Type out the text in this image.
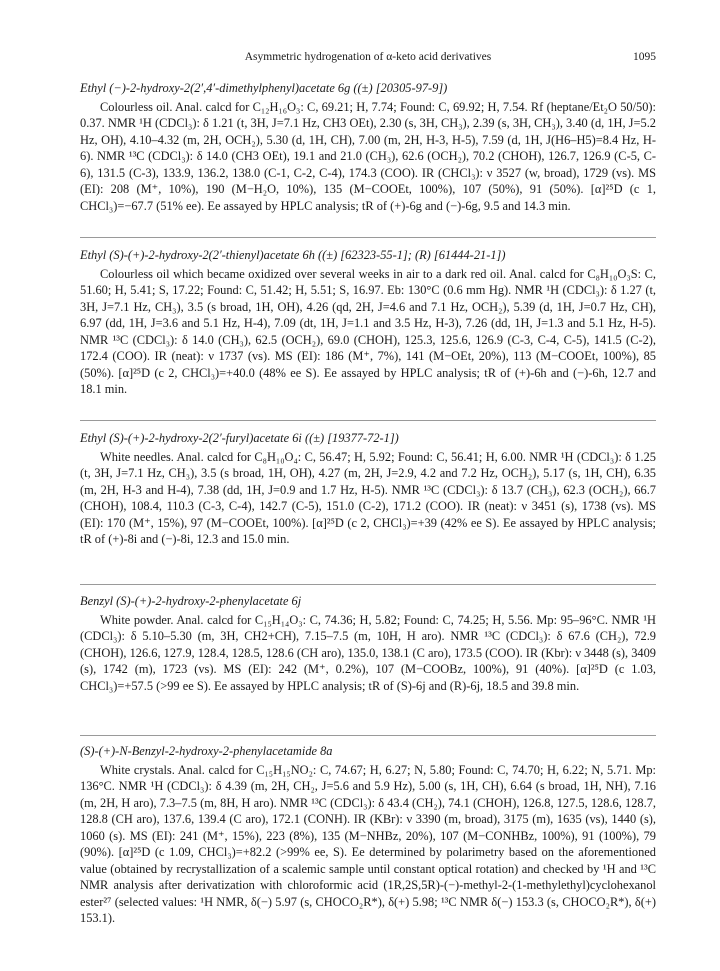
Asymmetric hydrogenation of α-keto acid derivatives	1095

Ethyl (−)-2-hydroxy-2(2′,4′-dimethylphenyl)acetate 6g ((±) [20305-97-9])

Colourless oil. Anal. calcd for C₁₂H₁₆O₃: C, 69.21; H, 7.74; Found: C, 69.92; H, 7.54. Rf (heptane/Et₂O 50/50): 0.37. NMR ¹H (CDCl₃): δ 1.21 (t, 3H, J=7.1 Hz, CH3 OEt), 2.30 (s, 3H, CH₃), 2.39 (s, 3H, CH₃), 3.40 (d, 1H, J=5.2 Hz, OH), 4.10–4.32 (m, 2H, OCH₂), 5.30 (d, 1H, CH), 7.00 (m, 2H, H-3, H-5), 7.59 (d, 1H, J(H6–H5)=8.4 Hz, H-6). NMR ¹³C (CDCl₃): δ 14.0 (CH3 OEt), 19.1 and 21.0 (CH₃), 62.6 (OCH₂), 70.2 (CHOH), 126.7, 126.9 (C-5, C-6), 131.5 (C-3), 133.9, 136.2, 138.0 (C-1, C-2, C-4), 174.3 (COO). IR (CHCl₃): ν 3527 (w, broad), 1729 (vs). MS (EI): 208 (M⁺, 10%), 190 (M−H₂O, 10%), 135 (M−COOEt, 100%), 107 (50%), 91 (50%). [α]²⁵D (c 1, CHCl₃)=−67.7 (51% ee). Ee assayed by HPLC analysis; tR of (+)-6g and (−)-6g, 9.5 and 14.3 min.

Ethyl (S)-(+)-2-hydroxy-2(2′-thienyl)acetate 6h ((±) [62323-55-1]; (R) [61444-21-1])

Colourless oil which became oxidized over several weeks in air to a dark red oil. Anal. calcd for C₈H₁₀O₃S: C, 51.60; H, 5.41; S, 17.22; Found: C, 51.42; H, 5.51; S, 16.97. Eb: 130°C (0.6 mm Hg). NMR ¹H (CDCl₃): δ 1.27 (t, 3H, J=7.1 Hz, CH₃), 3.5 (s broad, 1H, OH), 4.26 (qd, 2H, J=4.6 and 7.1 Hz, OCH₂), 5.39 (d, 1H, J=0.7 Hz, CH), 6.97 (dd, 1H, J=3.6 and 5.1 Hz, H-4), 7.09 (dt, 1H, J=1.1 and 3.5 Hz, H-3), 7.26 (dd, 1H, J=1.3 and 5.1 Hz, H-5). NMR ¹³C (CDCl₃): δ 14.0 (CH₃), 62.5 (OCH₂), 69.0 (CHOH), 125.3, 125.6, 126.9 (C-3, C-4, C-5), 141.5 (C-2), 172.4 (COO). IR (neat): ν 1737 (vs). MS (EI): 186 (M⁺, 7%), 141 (M−OEt, 20%), 113 (M−COOEt, 100%), 85 (50%). [α]²⁵D (c 2, CHCl₃)=+40.0 (48% ee S). Ee assayed by HPLC analysis; tR of (+)-6h and (−)-6h, 12.7 and 18.1 min.

Ethyl (S)-(+)-2-hydroxy-2(2′-furyl)acetate 6i ((±) [19377-72-1])

White needles. Anal. calcd for C₈H₁₀O₄: C, 56.47; H, 5.92; Found: C, 56.41; H, 6.00. NMR ¹H (CDCl₃): δ 1.25 (t, 3H, J=7.1 Hz, CH₃), 3.5 (s broad, 1H, OH), 4.27 (m, 2H, J=2.9, 4.2 and 7.2 Hz, OCH₂), 5.17 (s, 1H, CH), 6.35 (m, 2H, H-3 and H-4), 7.38 (dd, 1H, J=0.9 and 1.7 Hz, H-5). NMR ¹³C (CDCl₃): δ 13.7 (CH₃), 62.3 (OCH₂), 66.7 (CHOH), 108.4, 110.3 (C-3, C-4), 142.7 (C-5), 151.0 (C-2), 171.2 (COO). IR (neat): ν 3451 (s), 1738 (vs). MS (EI): 170 (M⁺, 15%), 97 (M−COOEt, 100%). [α]²⁵D (c 2, CHCl₃)=+39 (42% ee S). Ee assayed by HPLC analysis; tR of (+)-8i and (−)-8i, 12.3 and 15.0 min.

Benzyl (S)-(+)-2-hydroxy-2-phenylacetate 6j

White powder. Anal. calcd for C₁₅H₁₄O₃: C, 74.36; H, 5.82; Found: C, 74.25; H, 5.56. Mp: 95–96°C. NMR ¹H (CDCl₃): δ 5.10–5.30 (m, 3H, CH2+CH), 7.15–7.5 (m, 10H, H aro). NMR ¹³C (CDCl₃): δ 67.6 (CH₂), 72.9 (CHOH), 126.6, 127.9, 128.4, 128.5, 128.6 (CH aro), 135.0, 138.1 (C aro), 173.5 (COO). IR (Kbr): ν 3448 (s), 3409 (s), 1742 (m), 1723 (vs). MS (EI): 242 (M⁺, 0.2%), 107 (M−COOBz, 100%), 91 (40%). [α]²⁵D (c 1.03, CHCl₃)=+57.5 (>99 ee S). Ee assayed by HPLC analysis; tR of (S)-6j and (R)-6j, 18.5 and 39.8 min.

(S)-(+)-N-Benzyl-2-hydroxy-2-phenylacetamide 8a

White crystals. Anal. calcd for C₁₅H₁₅NO₂: C, 74.67; H, 6.27; N, 5.80; Found: C, 74.70; H, 6.22; N, 5.71. Mp: 136°C. NMR ¹H (CDCl₃): δ 4.39 (m, 2H, CH₂, J=5.6 and 5.9 Hz), 5.00 (s, 1H, CH), 6.64 (s broad, 1H, NH), 7.16 (m, 2H, H aro), 7.3–7.5 (m, 8H, H aro). NMR ¹³C (CDCl₃): δ 43.4 (CH₂), 74.1 (CHOH), 126.8, 127.5, 128.6, 128.7, 128.8 (CH aro), 137.6, 139.4 (C aro), 172.1 (CONH). IR (KBr): ν 3390 (m, broad), 3175 (m), 1635 (vs), 1440 (s), 1060 (s). MS (EI): 241 (M⁺, 15%), 223 (8%), 135 (M−NHBz, 20%), 107 (M−CONHBz, 100%), 91 (100%), 79 (90%). [α]²⁵D (c 1.09, CHCl₃)=+82.2 (>99% ee, S). Ee determined by polarimetry based on the aforementioned value (obtained by recrystallization of a scalemic sample until constant optical rotation) and checked by ¹H and ¹³C NMR analysis after derivatization with chloroformic acid (1R,2S,5R)-(−)-methyl-2-(1-methylethyl)cyclohexanol ester²⁷ (selected values: ¹H NMR, δ(−) 5.97 (s, CHOCO₂R*), δ(+) 5.98; ¹³C NMR δ(−) 153.3 (s, CHOCO₂R*), δ(+) 153.1).
